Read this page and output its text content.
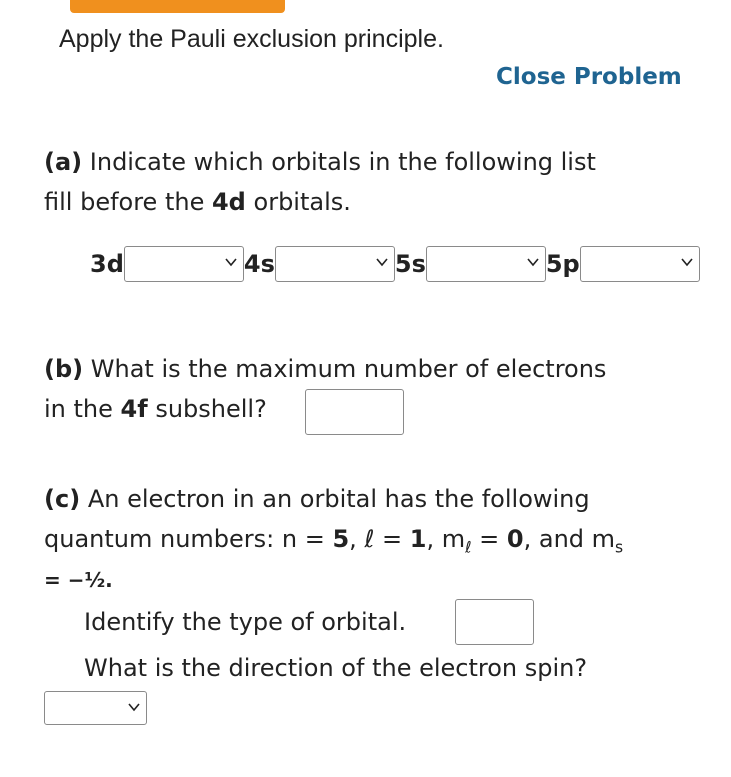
Apply the Pauli exclusion principle.
Close Problem
(a) Indicate which orbitals in the following list
fill before the 4d orbitals.
3d	4s	5s	5p
(b) What is the maximum number of electrons
in the 4f subshell?
(c) An electron in an orbital has the following
quantum numbers: n = 5, ℓ = 1, $m_\ell = 0$, and $m_s$
= −½.
Identify the type of orbital.
What is the direction of the electron spin?
